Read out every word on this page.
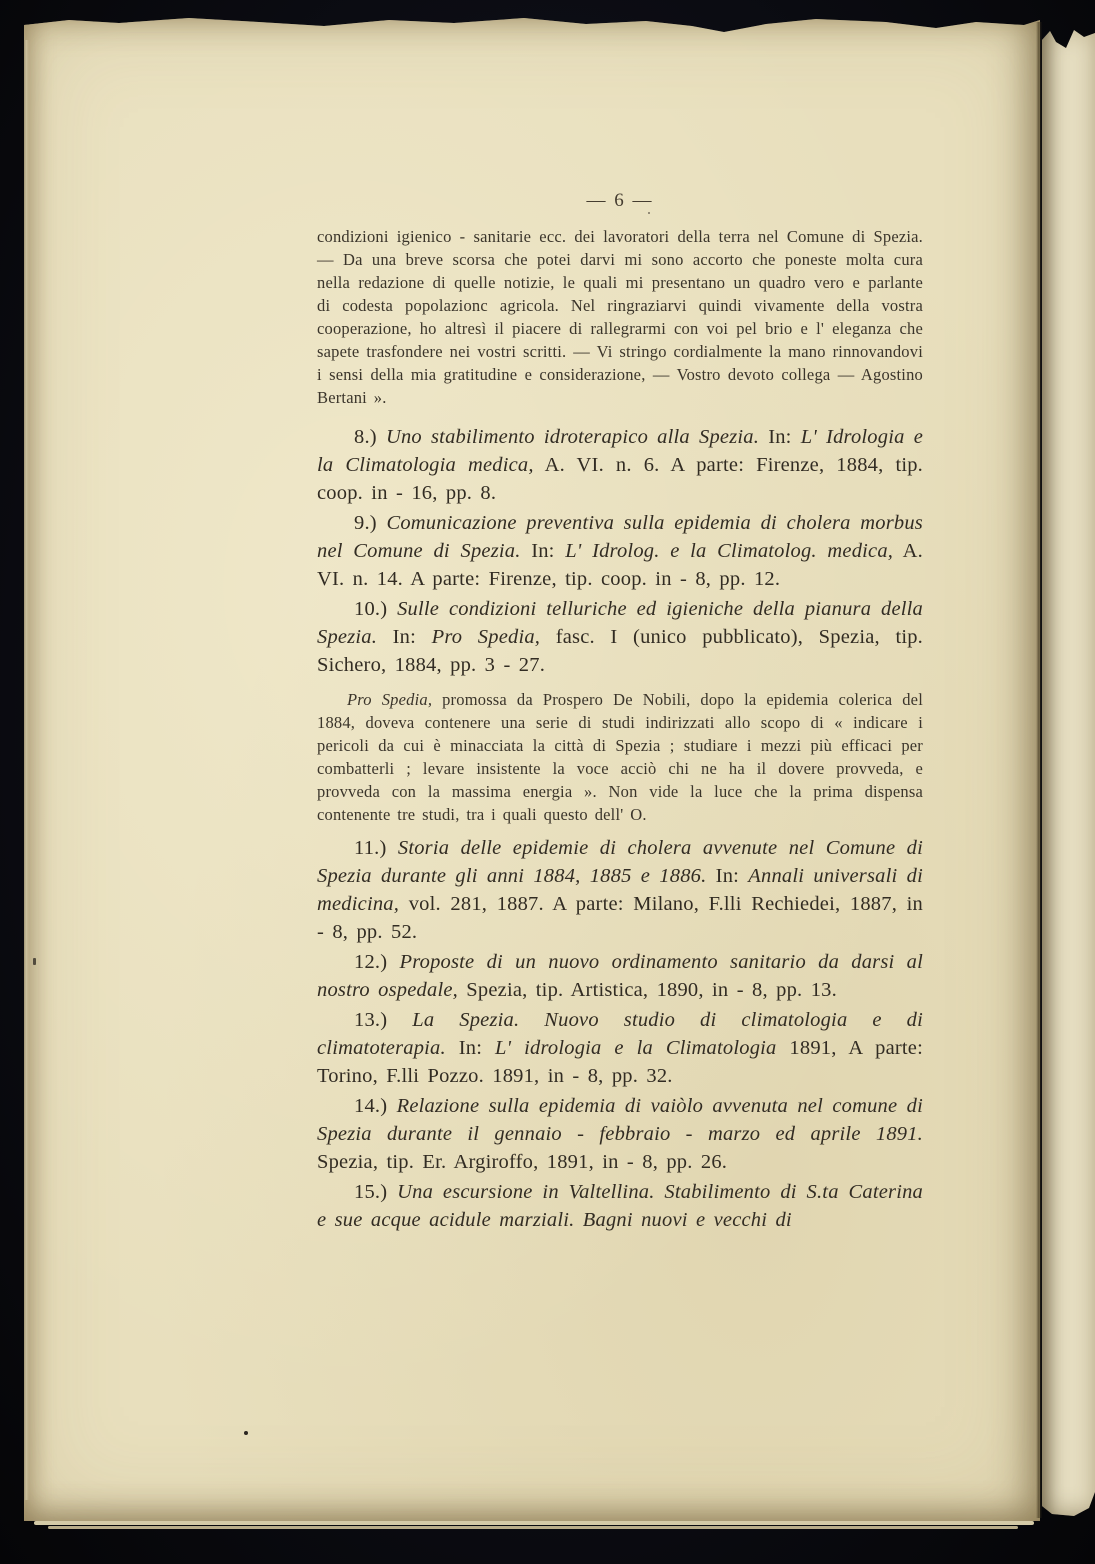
— 6 —

condizioni igienico - sanitarie ecc. dei lavoratori della terra nel Comune di Spezia. — Da una breve scorsa che potei darvi mi sono accorto che poneste molta cura nella redazione di quelle notizie, le quali mi presentano un quadro vero e parlante di codesta popolazionc agricola. Nel ringraziarvi quindi vivamente della vostra cooperazione, ho altresì il piacere di rallegrarmi con voi pel brio e l' eleganza che sapete trasfondere nei vostri scritti. — Vi stringo cordialmente la mano rinnovandovi i sensi della mia gratitudine e considerazione, — Vostro devoto collega — Agostino Bertani ».

8.) Uno stabilimento idroterapico alla Spezia. In: L' Idrologia e la Climatologia medica, A. VI. n. 6. A parte: Firenze, 1884, tip. coop. in - 16, pp. 8.

9.) Comunicazione preventiva sulla epidemia di cholera morbus nel Comune di Spezia. In: L' Idrolog. e la Climatolog. medica, A. VI. n. 14. A parte: Firenze, tip. coop. in - 8, pp. 12.

10.) Sulle condizioni telluriche ed igieniche della pianura della Spezia. In: Pro Spedia, fasc. I (unico pubblicato), Spezia, tip. Sichero, 1884, pp. 3 - 27.

Pro Spedia, promossa da Prospero De Nobili, dopo la epidemia colerica del 1884, doveva contenere una serie di studi indirizzati allo scopo di « indicare i pericoli da cui è minacciata la città di Spezia ; studiare i mezzi più efficaci per combatterli ; levare insistente la voce acciò chi ne ha il dovere provveda, e provveda con la massima energia ». Non vide la luce che la prima dispensa contenente tre studi, tra i quali questo dell' O.

11.) Storia delle epidemie di cholera avvenute nel Comune di Spezia durante gli anni 1884, 1885 e 1886. In: Annali universali di medicina, vol. 281, 1887. A parte: Milano, F.lli Rechiedei, 1887, in - 8, pp. 52.

12.) Proposte di un nuovo ordinamento sanitario da darsi al nostro ospedale, Spezia, tip. Artistica, 1890, in - 8, pp. 13.

13.) La Spezia. Nuovo studio di climatologia e di climatoterapia. In: L' idrologia e la Climatologia 1891, A parte: Torino, F.lli Pozzo. 1891, in - 8, pp. 32.

14.) Relazione sulla epidemia di vaiòlo avvenuta nel comune di Spezia durante il gennaio - febbraio - marzo ed aprile 1891. Spezia, tip. Er. Argiroffo, 1891, in - 8, pp. 26.

15.) Una escursione in Valtellina. Stabilimento di S.ta Caterina e sue acque acidule marziali. Bagni nuovi e vecchi di
